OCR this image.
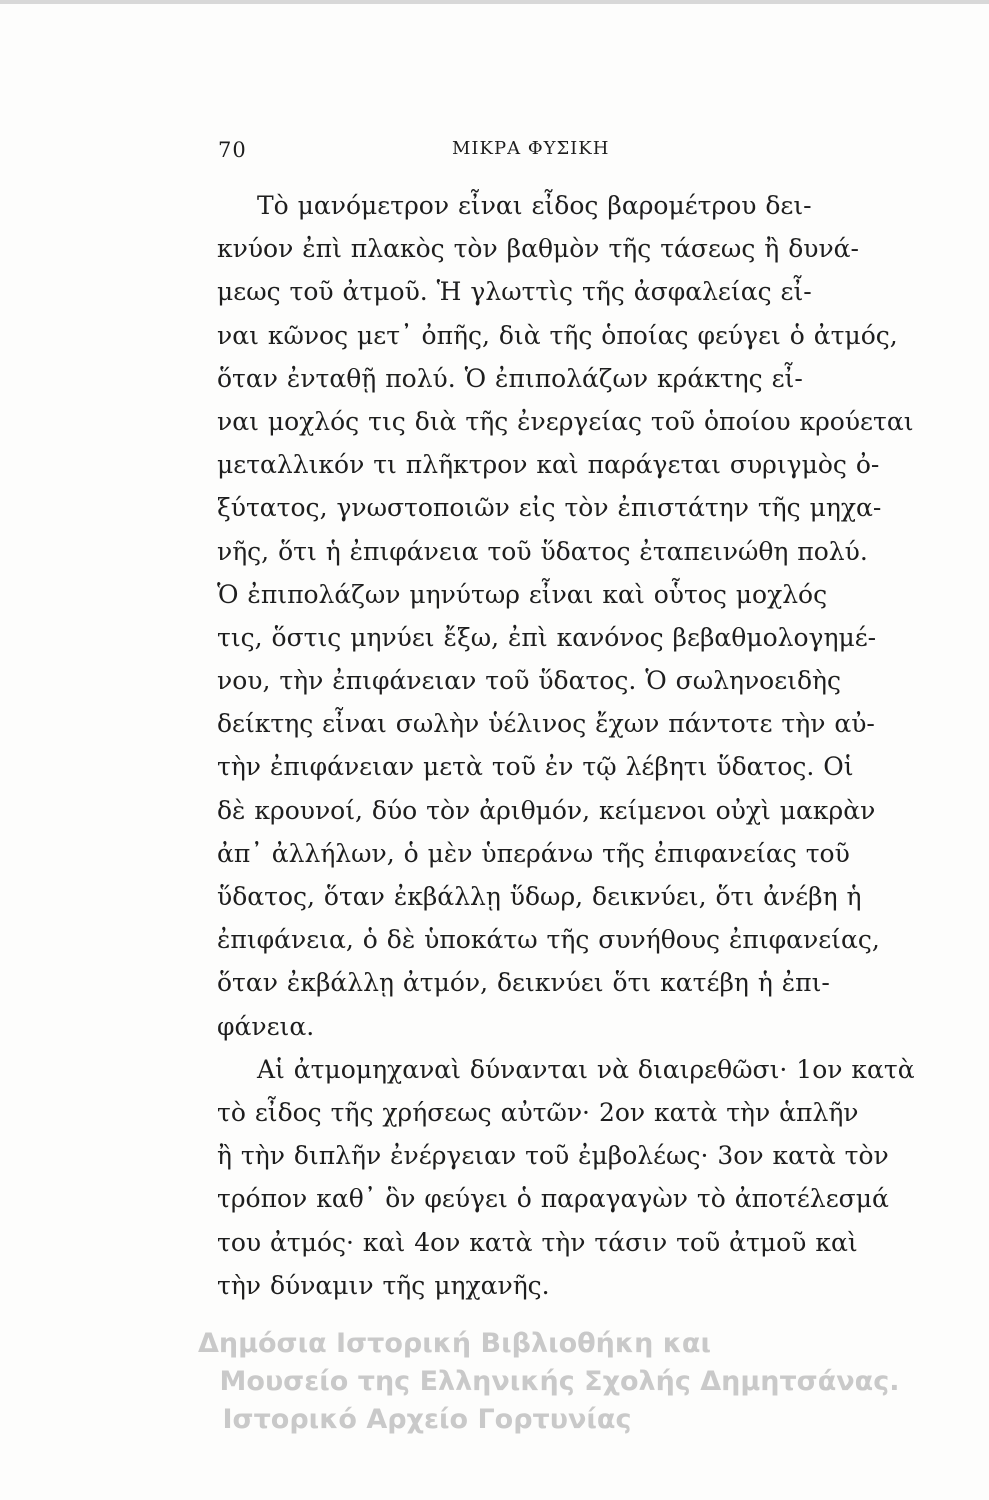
70	ΜΙΚΡΑ ΦΥΣΙΚΗ
Τὸ μανόμετρον εἶναι εἶδος βαρομέτρου δει-
κνύον ἐπὶ πλακὸς τὸν βαθμὸν τῆς τάσεως ἢ δυνά-
μεως τοῦ ἀτμοῦ. Ἡ γλωττὶς τῆς ἀσφαλείας εἶ-
ναι κῶνος μετ᾿ ὀπῆς, διὰ τῆς ὁποίας φεύγει ὁ ἀτμός,
ὅταν ἐνταθῇ πολύ. Ὁ ἐπιπολάζων κράκτης εἶ-
ναι μοχλός τις διὰ τῆς ἐνεργείας τοῦ ὁποίου κρούεται
μεταλλικόν τι πλῆκτρον καὶ παράγεται συριγμὸς ὀ-
ξύτατος, γνωστοποιῶν εἰς τὸν ἐπιστάτην τῆς μηχα-
νῆς, ὅτι ἡ ἐπιφάνεια τοῦ ὕδατος ἐταπεινώθη πολύ.
Ὁ ἐπιπολάζων μηνύτωρ εἶναι καὶ οὗτος μοχλός
τις, ὅστις μηνύει ἔξω, ἐπὶ κανόνος βεβαθμολογημέ-
νου, τὴν ἐπιφάνειαν τοῦ ὕδατος. Ὁ σωληνοειδὴς
δείκτης εἶναι σωλὴν ὑέλινος ἔχων πάντοτε τὴν αὐ-
τὴν ἐπιφάνειαν μετὰ τοῦ ἐν τῷ λέβητι ὕδατος. Οἱ
δὲ κρουνοί, δύο τὸν ἀριθμόν, κείμενοι οὐχὶ μακρὰν
ἀπ᾿ ἀλλήλων, ὁ μὲν ὑπεράνω τῆς ἐπιφανείας τοῦ
ὕδατος, ὅταν ἐκβάλλῃ ὕδωρ, δεικνύει, ὅτι ἀνέβη ἡ
ἐπιφάνεια, ὁ δὲ ὑποκάτω τῆς συνήθους ἐπιφανείας,
ὅταν ἐκβάλλῃ ἀτμόν, δεικνύει ὅτι κατέβη ἡ ἐπι-
φάνεια.
Αἱ ἀτμομηχαναὶ δύνανται νὰ διαιρεθῶσι· 1ον κατὰ
τὸ εἶδος τῆς χρήσεως αὐτῶν· 2ον κατὰ τὴν ἁπλῆν
ἢ τὴν διπλῆν ἐνέργειαν τοῦ ἐμβολέως· 3ον κατὰ τὸν
τρόπον καθ᾿ ὃν φεύγει ὁ παραγαγὼν τὸ ἀποτέλεσμά
του ἀτμός· καὶ 4ον κατὰ τὴν τάσιν τοῦ ἀτμοῦ καὶ
τὴν δύναμιν τῆς μηχανῆς.
Δημόσια Ιστορική Βιβλιοθήκη και
Μουσείο της Ελληνικής Σχολής Δημητσάνας.
Ιστορικό Αρχείο Γορτυνίας
